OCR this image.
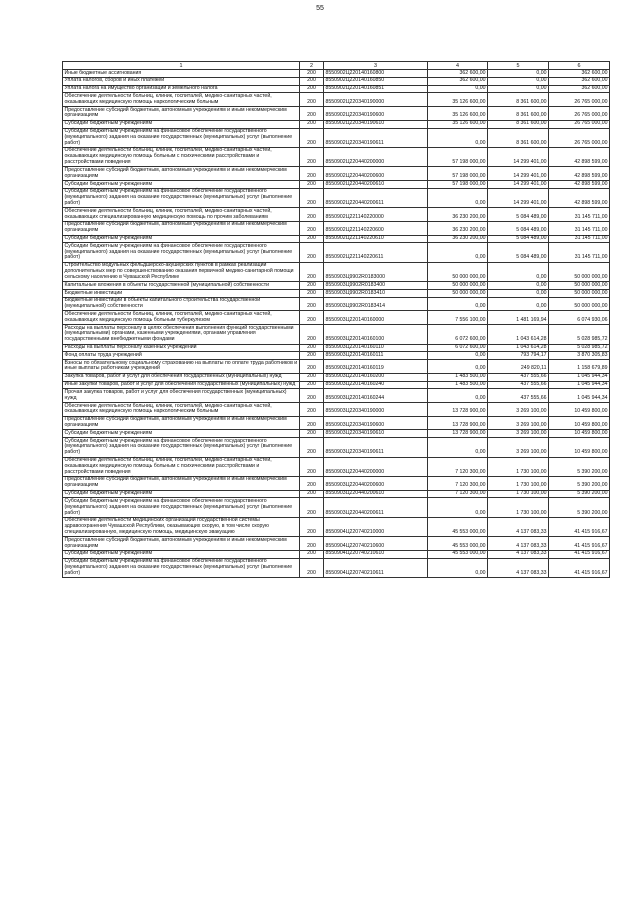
55
1	2	3	4	5	6
Иные бюджетные ассигнования	200	8550902Ц220140160800	362 600,00	0,00	362 600,00
Уплата налогов, сборов и иных платежей	200	8550902Ц220140160850	362 600,00	0,00	362 600,00
Уплата налога на имущество организаций и земельного налога	200	8550902Ц220140160851	0,00	0,00	362 600,00
Обеспечение деятельности больниц, клиник, госпиталей, медико-санитарных частей, оказывающих медицинскую помощь наркологическим больным	200	8550902Ц220340190000	35 126 600,00	8 361 600,00	26 765 000,00
Предоставление субсидий бюджетным, автономным учреждениям и иным некоммерческим организациям	200	8550902Ц220340190600	35 126 600,00	8 361 600,00	26 765 000,00
Субсидии бюджетным учреждениям	200	8550902Ц220340190610	35 126 600,00	8 361 600,00	26 765 000,00
Субсидии бюджетным учреждениям на финансовое обеспечение государственного (муниципального) задания на оказание государственных (муниципальных) услуг (выполнение работ)	200	8550902Ц220340190611	0,00	8 361 600,00	26 765 000,00
Обеспечение деятельности больниц, клиник, госпиталей, медико-санитарных частей, оказывающих медицинскую помощь больным с психическими расстройствами и расстройствами поведения	200	8550902Ц220440200000	57 198 000,00	14 299 401,00	42 898 599,00
Предоставление субсидий бюджетным, автономным учреждениям и иным некоммерческим организациям	200	8550902Ц220440200600	57 198 000,00	14 299 401,00	42 898 599,00
Субсидии бюджетным учреждениям	200	8550902Ц220440200610	57 198 000,00	14 299 401,00	42 898 599,00
Субсидии бюджетным учреждениям на финансовое обеспечение государственного (муниципального) задания на оказание государственных (муниципальных) услуг (выполнение работ)	200	8550902Ц220440200611	0,00	14 299 401,00	42 898 599,00
Обеспечение деятельности больниц, клиник, госпиталей, медико-санитарных частей, оказывающих специализированную медицинскую помощь по прочим заболеваниям	200	8550902Ц221140220000	36 230 200,00	5 084 489,00	31 145 711,00
Предоставление субсидий бюджетным, автономным учреждениям и иным некоммерческим организациям	200	8550902Ц221140220600	36 230 200,00	5 084 489,00	31 145 711,00
Субсидии бюджетным учреждениям	200	8550902Ц221140220610	36 230 200,00	5 084 489,00	31 145 711,00
Субсидии бюджетным учреждениям на финансовое обеспечение государственного (муниципального) задания на оказание государственных (муниципальных) услуг (выполнение работ)	200	8550902Ц221140220611	0,00	5 084 489,00	31 145 711,00
Строительство модульных фельдшерско-акушерских пунктов в рамках реализации дополнительных мер по совершенствованию оказания первичной медико-санитарной помощи сельскому населению в Чувашской Республике	200	8550903Ц9902R0183000	50 000 000,00	0,00	50 000 000,00
Капитальные вложения в объекты государственной (муниципальной) собственности	200	8550903Ц9902R0183400	50 000 000,00	0,00	50 000 000,00
Бюджетные инвестиции	200	8550903Ц9902R0183410	50 000 000,00	0,00	50 000 000,00
Бюджетные инвестиции в объекты капитального строительства государственной (муниципальной) собственности	200	8550903Ц9902R0183414	0,00	0,00	50 000 000,00
Обеспечение деятельности больниц, клиник, госпиталей, медико-санитарных частей, оказывающих медицинскую помощь больным туберкулезом	200	8550903Ц220140160000	7 556 100,00	1 481 169,94	6 074 930,06
Расходы на выплаты персоналу в целях обеспечения выполнения функций государственными (муниципальными) органами, казенными учреждениями, органами управления государственными внебюджетными фондами	200	8550903Ц220140160100	6 072 600,00	1 043 614,28	5 028 985,72
Расходы на выплаты персоналу казенных учреждений	200	8550903Ц220140160110	6 072 600,00	1 043 614,28	5 028 985,72
Фонд оплаты труда учреждений	200	8550903Ц220140160111	0,00	793 794,17	3 870 305,83
Взносы по обязательному социальному страхованию на выплаты по оплате труда работников и иные выплаты работникам учреждений	200	8550903Ц220140160119	0,00	249 820,11	1 158 679,89
Закупка товаров, работ и услуг для обеспечения государственных (муниципальных) нужд	200	8550903Ц220140160200	1 483 500,00	437 555,66	1 045 944,34
Иные закупки товаров, работ и услуг для обеспечения государственных (муниципальных) нужд	200	8550903Ц220140160240	1 483 500,00	437 555,66	1 045 944,34
Прочая закупка товаров, работ и услуг для обеспечения государственных (муниципальных) нужд	200	8550903Ц220140160244	0,00	437 555,66	1 045 944,34
Обеспечение деятельности больниц, клиник, госпиталей, медико-санитарных частей, оказывающих медицинскую помощь наркологическим больным	200	8550903Ц220340190000	13 728 900,00	3 269 100,00	10 459 800,00
Предоставление субсидий бюджетным, автономным учреждениям и иным некоммерческим организациям	200	8550903Ц220340190600	13 728 900,00	3 269 100,00	10 459 800,00
Субсидии бюджетным учреждениям	200	8550903Ц220340190610	13 728 900,00	3 269 100,00	10 459 800,00
Субсидии бюджетным учреждениям на финансовое обеспечение государственного (муниципального) задания на оказание государственных (муниципальных) услуг (выполнение работ)	200	8550903Ц220340190611	0,00	3 269 100,00	10 459 800,00
Обеспечение деятельности больниц, клиник, госпиталей, медико-санитарных частей, оказывающих медицинскую помощь больным с психическими расстройствами и расстройствами поведения	200	8550903Ц220440200000	7 120 300,00	1 730 100,00	5 390 200,00
Предоставление субсидий бюджетным, автономным учреждениям и иным некоммерческим организациям	200	8550903Ц220440200600	7 120 300,00	1 730 100,00	5 390 200,00
Субсидии бюджетным учреждениям	200	8550903Ц220440200610	7 120 300,00	1 730 100,00	5 390 200,00
Субсидии бюджетным учреждениям на финансовое обеспечение государственного (муниципального) задания на оказание государственных (муниципальных) услуг (выполнение работ)	200	8550903Ц220440200611	0,00	1 730 100,00	5 390 200,00
Обеспечение деятельности медицинских организаций государственной системы здравоохранения Чувашской Республики, оказывающих скорую, в том числе скорую специализированную, медицинскую помощь, медицинскую эвакуацию	200	8550904Ц220740210000	45 553 000,00	4 137 083,33	41 415 916,67
Предоставление субсидий бюджетным, автономным учреждениям и иным некоммерческим организациям	200	8550904Ц220740210600	45 553 000,00	4 137 083,33	41 415 916,67
Субсидии бюджетным учреждениям	200	8550904Ц220740210610	45 553 000,00	4 137 083,33	41 415 916,67
Субсидии бюджетным учреждениям на финансовое обеспечение государственного (муниципального) задания на оказание государственных (муниципальных) услуг (выполнение работ)	200	8550904Ц220740210611	0,00	4 137 083,33	41 415 916,67
